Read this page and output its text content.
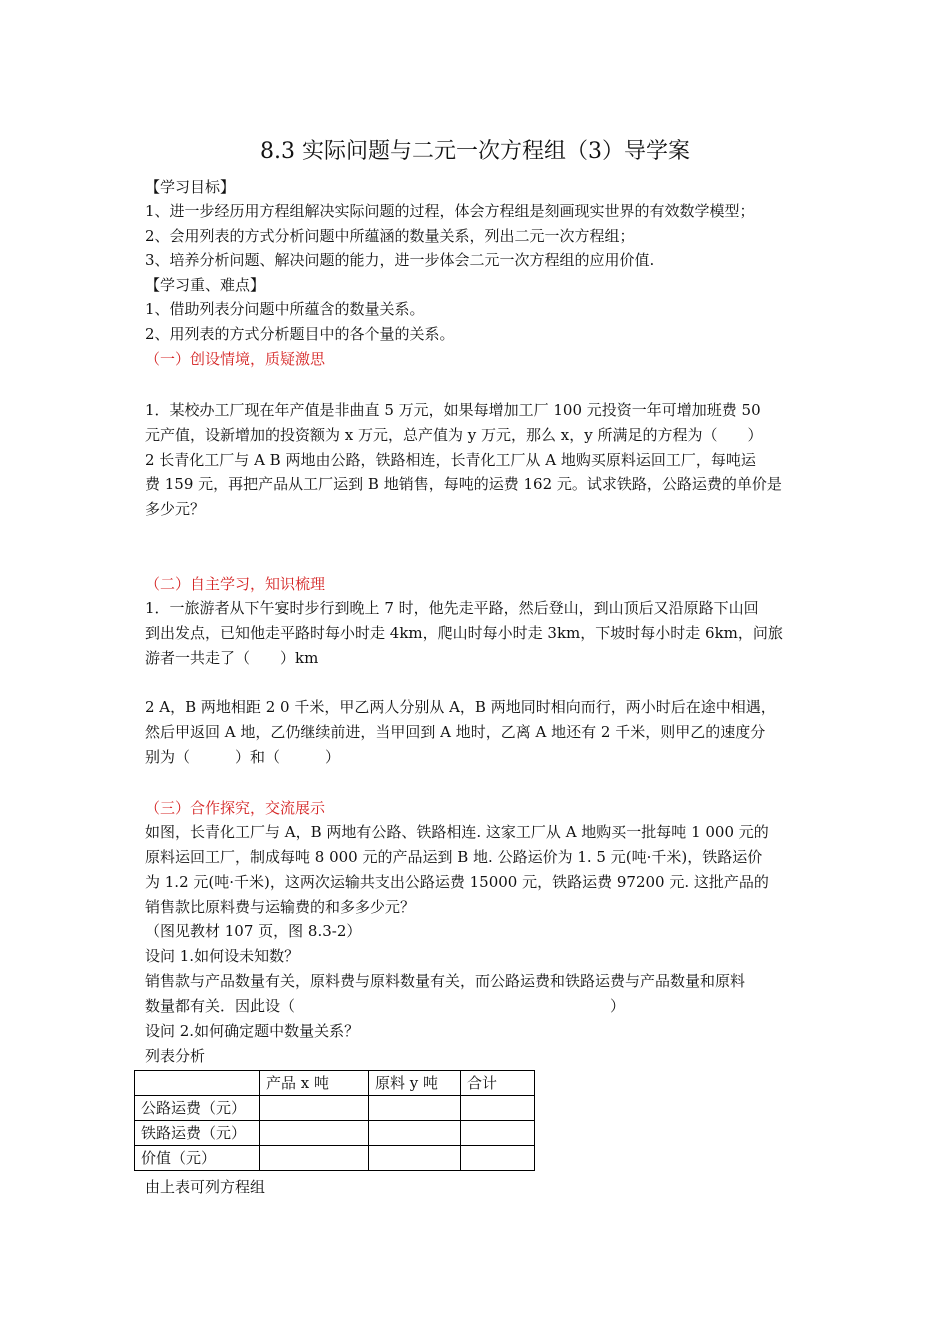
8.3 实际问题与二元一次方程组（3）导学案
【学习目标】
1、进一步经历用方程组解决实际问题的过程，体会方程组是刻画现实世界的有效数学模型；
2、会用列表的方式分析问题中所蕴涵的数量关系，列出二元一次方程组；
3、培养分析问题、解决问题的能力，进一步体会二元一次方程组的应用价值.
【学习重、难点】
1、借助列表分问题中所蕴含的数量关系。
2、用列表的方式分析题目中的各个量的关系。
（一）创设情境，质疑激思
1．某校办工厂现在年产值是非曲直 5 万元，如果每增加工厂 100 元投资一年可增加班费 50
元产值，设新增加的投资额为 x 万元，总产值为 y 万元，那么 x，y 所满足的方程为（　　）
2 长青化工厂与 A B 两地由公路，铁路相连，长青化工厂从 A 地购买原料运回工厂，每吨运
费 159 元，再把产品从工厂运到 B 地销售，每吨的运费 162 元。试求铁路，公路运费的单价是
多少元？
（二）自主学习，知识梳理
1．一旅游者从下午宴时步行到晚上 7 时，他先走平路，然后登山，到山顶后又沿原路下山回
到出发点，已知他走平路时每小时走 4km，爬山时每小时走 3km，下坡时每小时走 6km，问旅
游者一共走了（　　）km
2 A，B 两地相距 2 0 千米，甲乙两人分别从 A，B 两地同时相向而行，两小时后在途中相遇，
然后甲返回 A 地，乙仍继续前进，当甲回到 A 地时，乙离 A 地还有 2 千米，则甲乙的速度分
别为（　　　）和（　　　）
（三）合作探究，交流展示
如图，长青化工厂与 A，B 两地有公路、铁路相连. 这家工厂从 A 地购买一批每吨 1 000 元的
原料运回工厂，制成每吨 8 000 元的产品运到 B 地. 公路运价为 1. 5 元(吨·千米)，铁路运价
为 1.2 元(吨·千米)，这两次运输共支出公路运费 15000 元，铁路运费 97200 元. 这批产品的
销售款比原料费与运输费的和多多少元？
（图见教材 107 页，图 8.3-2）
设问 1.如何设未知数？
销售款与产品数量有关，原料费与原料数量有关，而公路运费和铁路运费与产品数量和原料
数量都有关．因此设（　　　　　　　　　　　　　　　　　　　　　）
设问 2.如何确定题中数量关系？
列表分析
	产品 x 吨	原料 y 吨	合计
公路运费（元）			
铁路运费（元）			
价值（元）			
由上表可列方程组
